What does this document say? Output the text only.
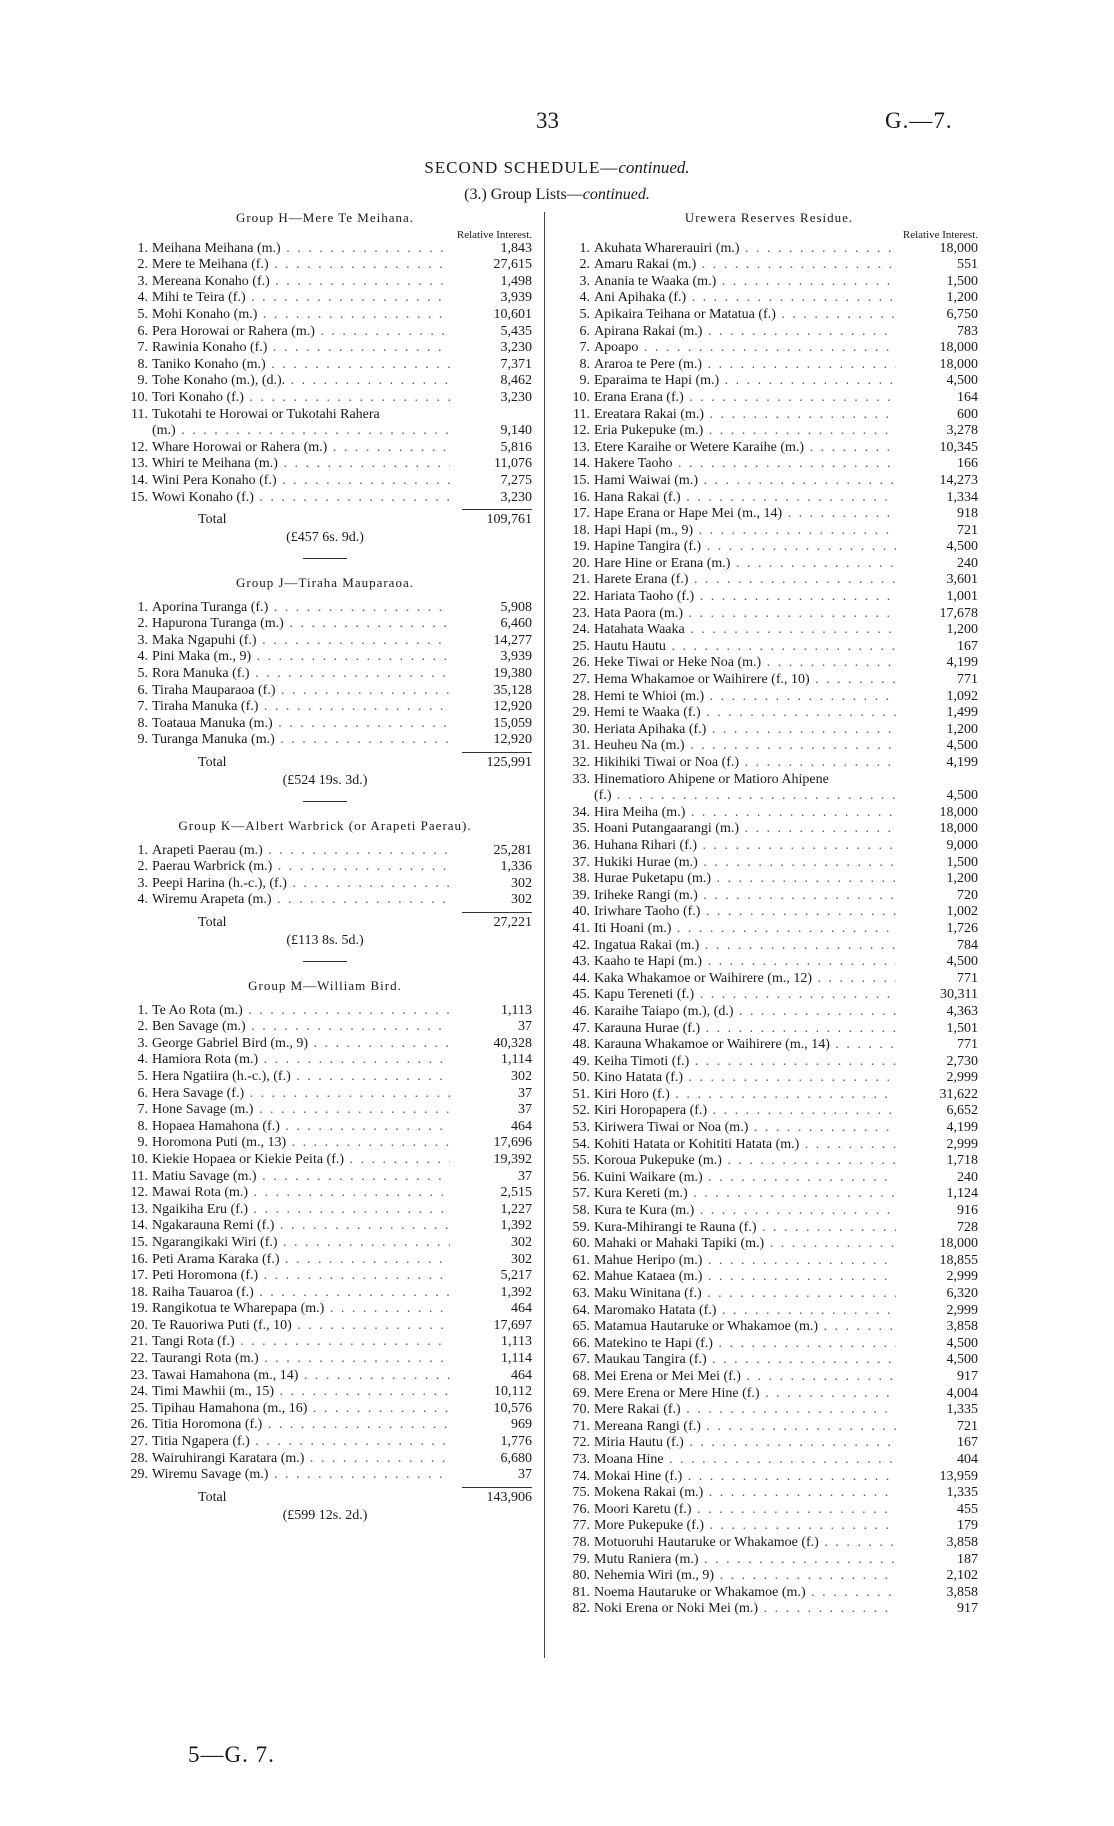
33	G.—7.
SECOND SCHEDULE—continued.
(3.) Group Lists—continued.
Group H—Mere Te Meihana.
Relative Interest.
1. Meihana Meihana (m.) . . .	1,843
2. Mere te Meihana (f.) . . .	27,615
3. Mereana Konaho (f.) . . .	1,498
4. Mihi te Teira (f.) . . .	3,939
5. Mohi Konaho (m.) . . .	10,601
6. Pera Horowai or Rahera (m.) . . .	5,435
7. Rawinia Konaho (f.) . . .	3,230
8. Taniko Konaho (m.) . . .	7,371
9. Tohe Konaho (m.), (d.). . . .	8,462
10. Tori Konaho (f.) . . .	3,230
11. Tukotahi te Horowai or Tukotahi Rahera
(m.) . . .	9,140
12. Whare Horowai or Rahera (m.) . . .	5,816
13. Whiri te Meihana (m.) . . .	11,076
14. Wini Pera Konaho (f.) . . .	7,275
15. Wowi Konaho (f.) . . .	3,230
Total	109,761
(£457 6s. 9d.)
Group J—Tiraha Mauparaoa.
1. Aporina Turanga (f.) . . .	5,908
2. Hapurona Turanga (m.) . . .	6,460
3. Maka Ngapuhi (f.) . . .	14,277
4. Pini Maka (m., 9) . . .	3,939
5. Rora Manuka (f.) . . .	19,380
6. Tiraha Mauparaoa (f.) . . .	35,128
7. Tiraha Manuka (f.) . . .	12,920
8. Toataua Manuka (m.) . . .	15,059
9. Turanga Manuka (m.) . . .	12,920
Total	125,991
(£524 19s. 3d.)
Group K—Albert Warbrick (or Arapeti Paerau).
1. Arapeti Paerau (m.) . . .	25,281
2. Paerau Warbrick (m.) . . .	1,336
3. Peepi Harina (h.-c.), (f.) . . .	302
4. Wiremu Arapeta (m.) . . .	302
Total	27,221
(£113 8s. 5d.)
Group M—William Bird.
1. Te Ao Rota (m.) . . .	1,113
2. Ben Savage (m.) . . .	37
3. George Gabriel Bird (m., 9) . . .	40,328
4. Hamiora Rota (m.) . . .	1,114
5. Hera Ngatiira (h.-c.), (f.) . . .	302
6. Hera Savage (f.) . . .	37
7. Hone Savage (m.) . . .	37
8. Hopaea Hamahona (f.) . . .	464
9. Horomona Puti (m., 13) . . .	17,696
10. Kiekie Hopaea or Kiekie Peita (f.) . . .	19,392
11. Matiu Savage (m.) . . .	37
12. Mawai Rota (m.) . . .	2,515
13. Ngaikiha Eru (f.) . . .	1,227
14. Ngakarauna Remi (f.) . . .	1,392
15. Ngarangikaki Wiri (f.) . . .	302
16. Peti Arama Karaka (f.) . . .	302
17. Peti Horomona (f.) . . .	5,217
18. Raiha Tauaroa (f.) . . .	1,392
19. Rangikotua te Wharepapa (m.) . . .	464
20. Te Rauoriwa Puti (f., 10) . . .	17,697
21. Tangi Rota (f.) . . .	1,113
22. Taurangi Rota (m.) . . .	1,114
23. Tawai Hamahona (m., 14) . . .	464
24. Timi Mawhii (m., 15) . . .	10,112
25. Tipihau Hamahona (m., 16) . . .	10,576
26. Titia Horomona (f.) . . .	969
27. Titia Ngapera (f.) . . .	1,776
28. Wairuhirangi Karatara (m.) . . .	6,680
29. Wiremu Savage (m.) . . .	37
Total	143,906
(£599 12s. 2d.)
Urewera Reserves Residue.
Relative Interest.
1. Akuhata Wharerauiri (m.) . . .	18,000
2. Amaru Rakai (m.) . . .	551
3. Anania te Waaka (m.) . . .	1,500
4. Ani Apihaka (f.) . . .	1,200
5. Apikaira Teihana or Matatua (f.) . . .	6,750
6. Apirana Rakai (m.) . . .	783
7. Apoapo . . .	18,000
8. Araroa te Pere (m.) . . .	18,000
9. Eparaima te Hapi (m.) . . .	4,500
10. Erana Erana (f.) . . .	164
11. Ereatara Rakai (m.) . . .	600
12. Eria Pukepuke (m.) . . .	3,278
13. Etere Karaihe or Wetere Karaihe (m.) . . .	10,345
14. Hakere Taoho . . .	166
15. Hami Waiwai (m.) . . .	14,273
16. Hana Rakai (f.) . . .	1,334
17. Hape Erana or Hape Mei (m., 14) . . .	918
18. Hapi Hapi (m., 9) . . .	721
19. Hapine Tangira (f.) . . .	4,500
20. Hare Hine or Erana (m.) . . .	240
21. Harete Erana (f.) . . .	3,601
22. Hariata Taoho (f.) . . .	1,001
23. Hata Paora (m.) . . .	17,678
24. Hatahata Waaka . . .	1,200
25. Hautu Hautu . . .	167
26. Heke Tiwai or Heke Noa (m.) . . .	4,199
27. Hema Whakamoe or Waihirere (f., 10) . . .	771
28. Hemi te Whioi (m.) . . .	1,092
29. Hemi te Waaka (f.) . . .	1,499
30. Heriata Apihaka (f.) . . .	1,200
31. Heuheu Na (m.) . . .	4,500
32. Hikihiki Tiwai or Noa (f.) . . .	4,199
33. Hinematioro Ahipene or Matioro Ahipene
(f.) . . .	4,500
34. Hira Meiha (m.) . . .	18,000
35. Hoani Putangaarangi (m.) . . .	18,000
36. Huhana Rihari (f.) . . .	9,000
37. Hukiki Hurae (m.) . . .	1,500
38. Hurae Puketapu (m.) . . .	1,200
39. Iriheke Rangi (m.) . . .	720
40. Iriwhare Taoho (f.) . . .	1,002
41. Iti Hoani (m.) . . .	1,726
42. Ingatua Rakai (m.) . . .	784
43. Kaaho te Hapi (m.) . . .	4,500
44. Kaka Whakamoe or Waihirere (m., 12) . . .	771
45. Kapu Tereneti (f.) . . .	30,311
46. Karaihe Taiapo (m.), (d.) . . .	4,363
47. Karauna Hurae (f.) . . .	1,501
48. Karauna Whakamoe or Waihirere (m., 14) . . .	771
49. Keiha Timoti (f.) . . .	2,730
50. Kino Hatata (f.) . . .	2,999
51. Kiri Horo (f.) . . .	31,622
52. Kiri Horopapera (f.) . . .	6,652
53. Kiriwera Tiwai or Noa (m.) . . .	4,199
54. Kohiti Hatata or Kohititi Hatata (m.) . . .	2,999
55. Koroua Pukepuke (m.) . . .	1,718
56. Kuini Waikare (m.) . . .	240
57. Kura Kereti (m.) . . .	1,124
58. Kura te Kura (m.) . . .	916
59. Kura-Mihirangi te Rauna (f.) . . .	728
60. Mahaki or Mahaki Tapiki (m.) . . .	18,000
61. Mahue Heripo (m.) . . .	18,855
62. Mahue Kataea (m.) . . .	2,999
63. Maku Winitana (f.) . . .	6,320
64. Maromako Hatata (f.) . . .	2,999
65. Matamua Hautaruke or Whakamoe (m.) . . .	3,858
66. Matekino te Hapi (f.) . . .	4,500
67. Maukau Tangira (f.) . . .	4,500
68. Mei Erena or Mei Mei (f.) . . .	917
69. Mere Erena or Mere Hine (f.) . . .	4,004
70. Mere Rakai (f.) . . .	1,335
71. Mereana Rangi (f.) . . .	721
72. Miria Hautu (f.) . . .	167
73. Moana Hine . . .	404
74. Mokai Hine (f.) . . .	13,959
75. Mokena Rakai (m.) . . .	1,335
76. Moori Karetu (f.) . . .	455
77. More Pukepuke (f.) . . .	179
78. Motuoruhi Hautaruke or Whakamoe (f.) . . .	3,858
79. Mutu Raniera (m.) . . .	187
80. Nehemia Wiri (m., 9) . . .	2,102
81. Noema Hautaruke or Whakamoe (m.) . . .	3,858
82. Noki Erena or Noki Mei (m.) . . .	917
5—G. 7.
